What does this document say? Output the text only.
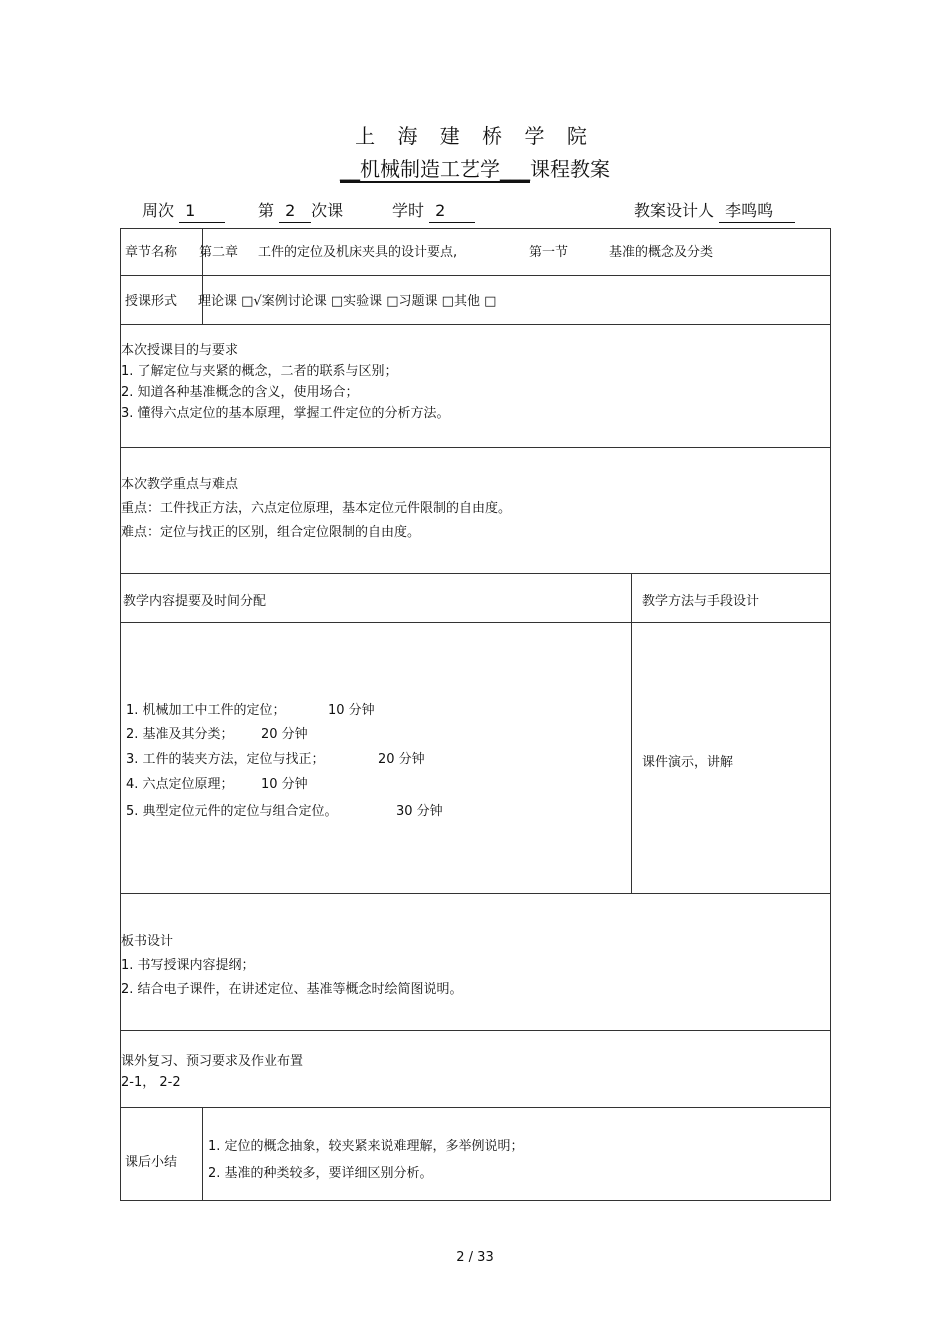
上 海 建 桥 学 院
__机械制造工艺学___课程教案
周次 1	第 2 次课	学时 2	教案设计人 李鸣鸣
章节名称 第二章 工件的定位及机床夹具的设计要点,	第一节	基准的概念及分类
授课形式 理论课 □√案例讨论课 □实验课 □习题课 □其他 □
本次授课目的与要求
1. 了解定位与夹紧的概念，二者的联系与区别；
2. 知道各种基准概念的含义，使用场合；
3. 懂得六点定位的基本原理，掌握工件定位的分析方法。
本次教学重点与难点
重点：工件找正方法，六点定位原理，基本定位元件限制的自由度。
难点：定位与找正的区别，组合定位限制的自由度。
教学内容提要及时间分配	教学方法与手段设计
1. 机械加工中工件的定位；	10 分钟
2. 基准及其分类； 20 分钟
3. 工件的装夹方法，定位与找正；	20 分钟
4. 六点定位原理； 10 分钟
5. 典型定位元件的定位与组合定位。	30 分钟
课件演示，讲解
板书设计
1. 书写授课内容提纲；
2. 结合电子课件，在讲述定位、基准等概念时绘简图说明。
课外复习、预习要求及作业布置
2-1， 2-2
课后小结
1. 定位的概念抽象，较夹紧来说难理解，多举例说明；
2. 基准的种类较多，要详细区别分析。
2 / 33
